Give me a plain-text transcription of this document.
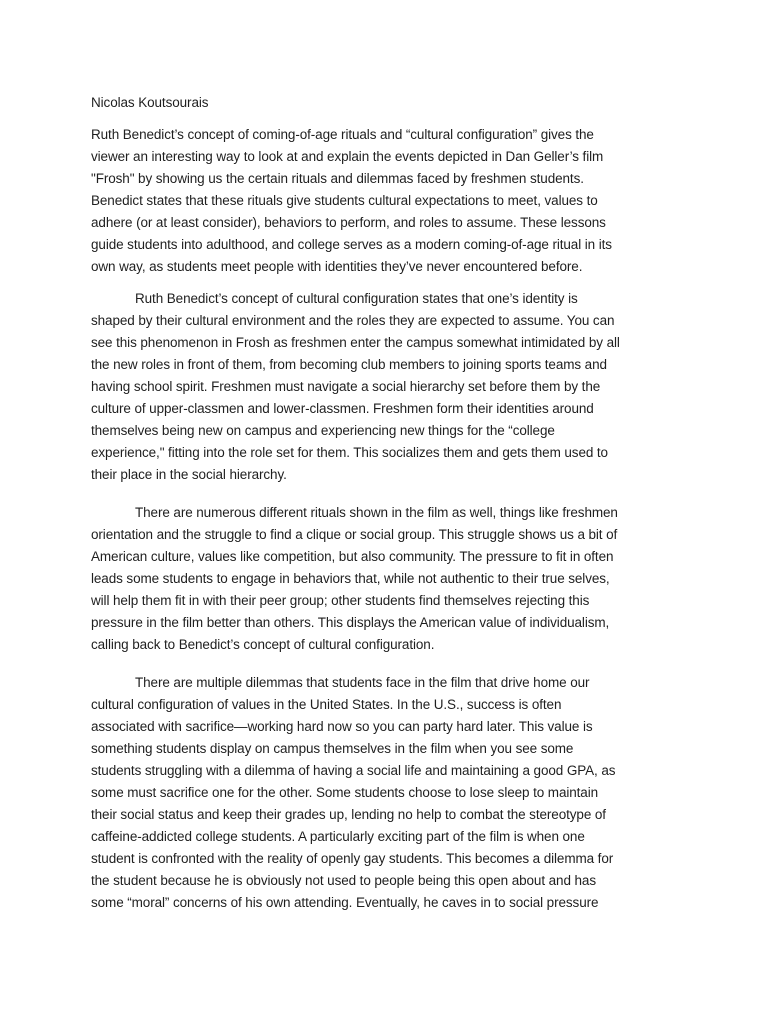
Nicolas Koutsourais
Ruth Benedict’s concept of coming-of-age rituals and “cultural configuration” gives the
viewer an interesting way to look at and explain the events depicted in Dan Geller’s film
"Frosh" by showing us the certain rituals and dilemmas faced by freshmen students.
Benedict states that these rituals give students cultural expectations to meet, values to
adhere (or at least consider), behaviors to perform, and roles to assume. These lessons
guide students into adulthood, and college serves as a modern coming-of-age ritual in its
own way, as students meet people with identities they’ve never encountered before.
Ruth Benedict’s concept of cultural configuration states that one’s identity is
shaped by their cultural environment and the roles they are expected to assume. You can
see this phenomenon in Frosh as freshmen enter the campus somewhat intimidated by all
the new roles in front of them, from becoming club members to joining sports teams and
having school spirit. Freshmen must navigate a social hierarchy set before them by the
culture of upper-classmen and lower-classmen. Freshmen form their identities around
themselves being new on campus and experiencing new things for the “college
experience," fitting into the role set for them. This socializes them and gets them used to
their place in the social hierarchy.
There are numerous different rituals shown in the film as well, things like freshmen
orientation and the struggle to find a clique or social group. This struggle shows us a bit of
American culture, values like competition, but also community. The pressure to fit in often
leads some students to engage in behaviors that, while not authentic to their true selves,
will help them fit in with their peer group; other students find themselves rejecting this
pressure in the film better than others. This displays the American value of individualism,
calling back to Benedict’s concept of cultural configuration.
There are multiple dilemmas that students face in the film that drive home our
cultural configuration of values in the United States. In the U.S., success is often
associated with sacrifice—working hard now so you can party hard later. This value is
something students display on campus themselves in the film when you see some
students struggling with a dilemma of having a social life and maintaining a good GPA, as
some must sacrifice one for the other. Some students choose to lose sleep to maintain
their social status and keep their grades up, lending no help to combat the stereotype of
caffeine-addicted college students. A particularly exciting part of the film is when one
student is confronted with the reality of openly gay students. This becomes a dilemma for
the student because he is obviously not used to people being this open about and has
some “moral” concerns of his own attending. Eventually, he caves in to social pressure
